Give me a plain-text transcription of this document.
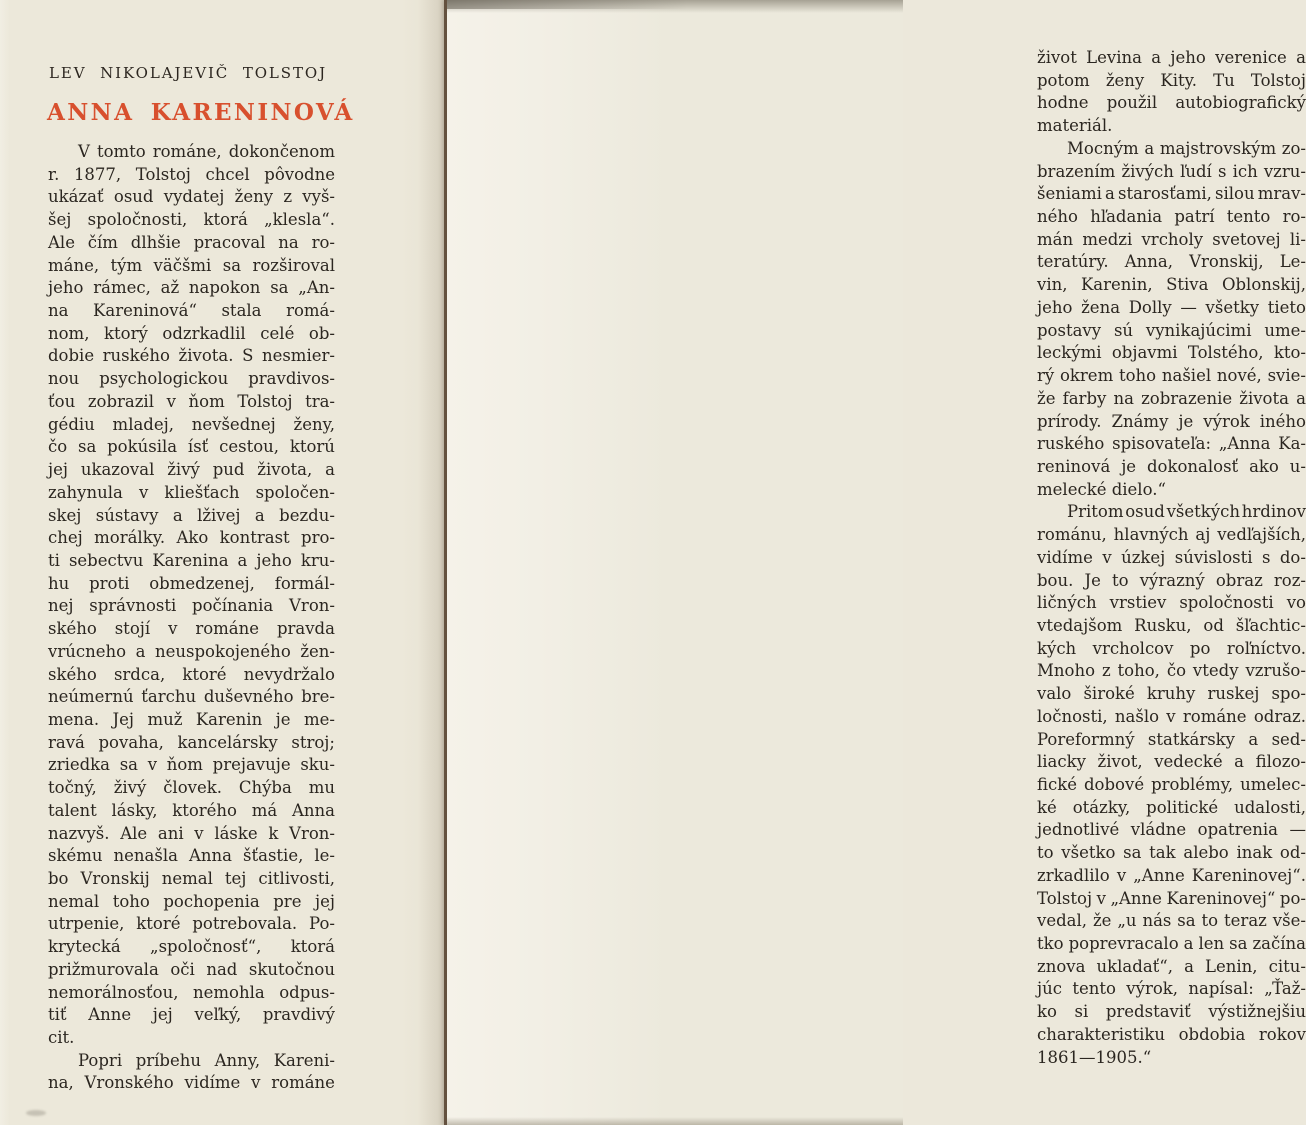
LEV NIKOLAJEVIČ TOLSTOJ
ANNA KARENINOVÁ
V tomto románe, dokončenom
r. 1877, Tolstoj chcel pôvodne
ukázať osud vydatej ženy z vyš-
šej spoločnosti, ktorá „klesla“.
Ale čím dlhšie pracoval na ro-
máne, tým väčšmi sa rozširoval
jeho rámec, až napokon sa „An-
na Kareninová“ stala romá-
nom, ktorý odzrkadlil celé ob-
dobie ruského života. S nesmier-
nou psychologickou pravdivos-
ťou zobrazil v ňom Tolstoj tra-
gédiu mladej, nevšednej ženy,
čo sa pokúsila ísť cestou, ktorú
jej ukazoval živý pud života, a
zahynula v kliešťach spoločen-
skej sústavy a lživej a bezdu-
chej morálky. Ako kontrast pro-
ti sebectvu Karenina a jeho kru-
hu proti obmedzenej, formál-
nej správnosti počínania Vron-
ského stojí v románe pravda
vrúcneho a neuspokojeného žen-
ského srdca, ktoré nevydržalo
neúmernú ťarchu duševného bre-
mena. Jej muž Karenin je me-
ravá povaha, kancelársky stroj;
zriedka sa v ňom prejavuje sku-
točný, živý človek. Chýba mu
talent lásky, ktorého má Anna
nazvyš. Ale ani v láske k Vron-
skému nenašla Anna šťastie, le-
bo Vronskij nemal tej citlivosti,
nemal toho pochopenia pre jej
utrpenie, ktoré potrebovala. Po-
krytecká „spoločnosť“, ktorá
prižmurovala oči nad skutočnou
nemorálnosťou, nemohla odpus-
tiť Anne jej veľký, pravdivý
cit.
Popri príbehu Anny, Kareni-
na, Vronského vidíme v románe
život Levina a jeho verenice a
potom ženy Kity. Tu Tolstoj
hodne použil autobiografický
materiál.
Mocným a majstrovským zo-
brazením živých ľudí s ich vzru-
šeniami a starosťami, silou mrav-
ného hľadania patrí tento ro-
mán medzi vrcholy svetovej li-
teratúry. Anna, Vronskij, Le-
vin, Karenin, Stiva Oblonskij,
jeho žena Dolly — všetky tieto
postavy sú vynikajúcimi ume-
leckými objavmi Tolstého, kto-
rý okrem toho našiel nové, svie-
že farby na zobrazenie života a
prírody. Známy je výrok iného
ruského spisovateľa: „Anna Ka-
reninová je dokonalosť ako u-
melecké dielo.“
Pritom osud všetkých hrdinov
románu, hlavných aj vedľajších,
vidíme v úzkej súvislosti s do-
bou. Je to výrazný obraz roz-
ličných vrstiev spoločnosti vo
vtedajšom Rusku, od šľachtic-
kých vrcholcov po roľníctvo.
Mnoho z toho, čo vtedy vzrušo-
valo široké kruhy ruskej spo-
ločnosti, našlo v románe odraz.
Poreformný statkársky a sed-
liacky život, vedecké a filozo-
fické dobové problémy, umelec-
ké otázky, politické udalosti,
jednotlivé vládne opatrenia —
to všetko sa tak alebo inak od-
zrkadlilo v „Anne Kareninovej“.
Tolstoj v „Anne Kareninovej“ po-
vedal, že „u nás sa to teraz vše-
tko poprevracalo a len sa začína
znova ukladať“, a Lenin, citu-
júc tento výrok, napísal: „Ťaž-
ko si predstaviť výstižnejšiu
charakteristiku obdobia rokov
1861—1905.“
